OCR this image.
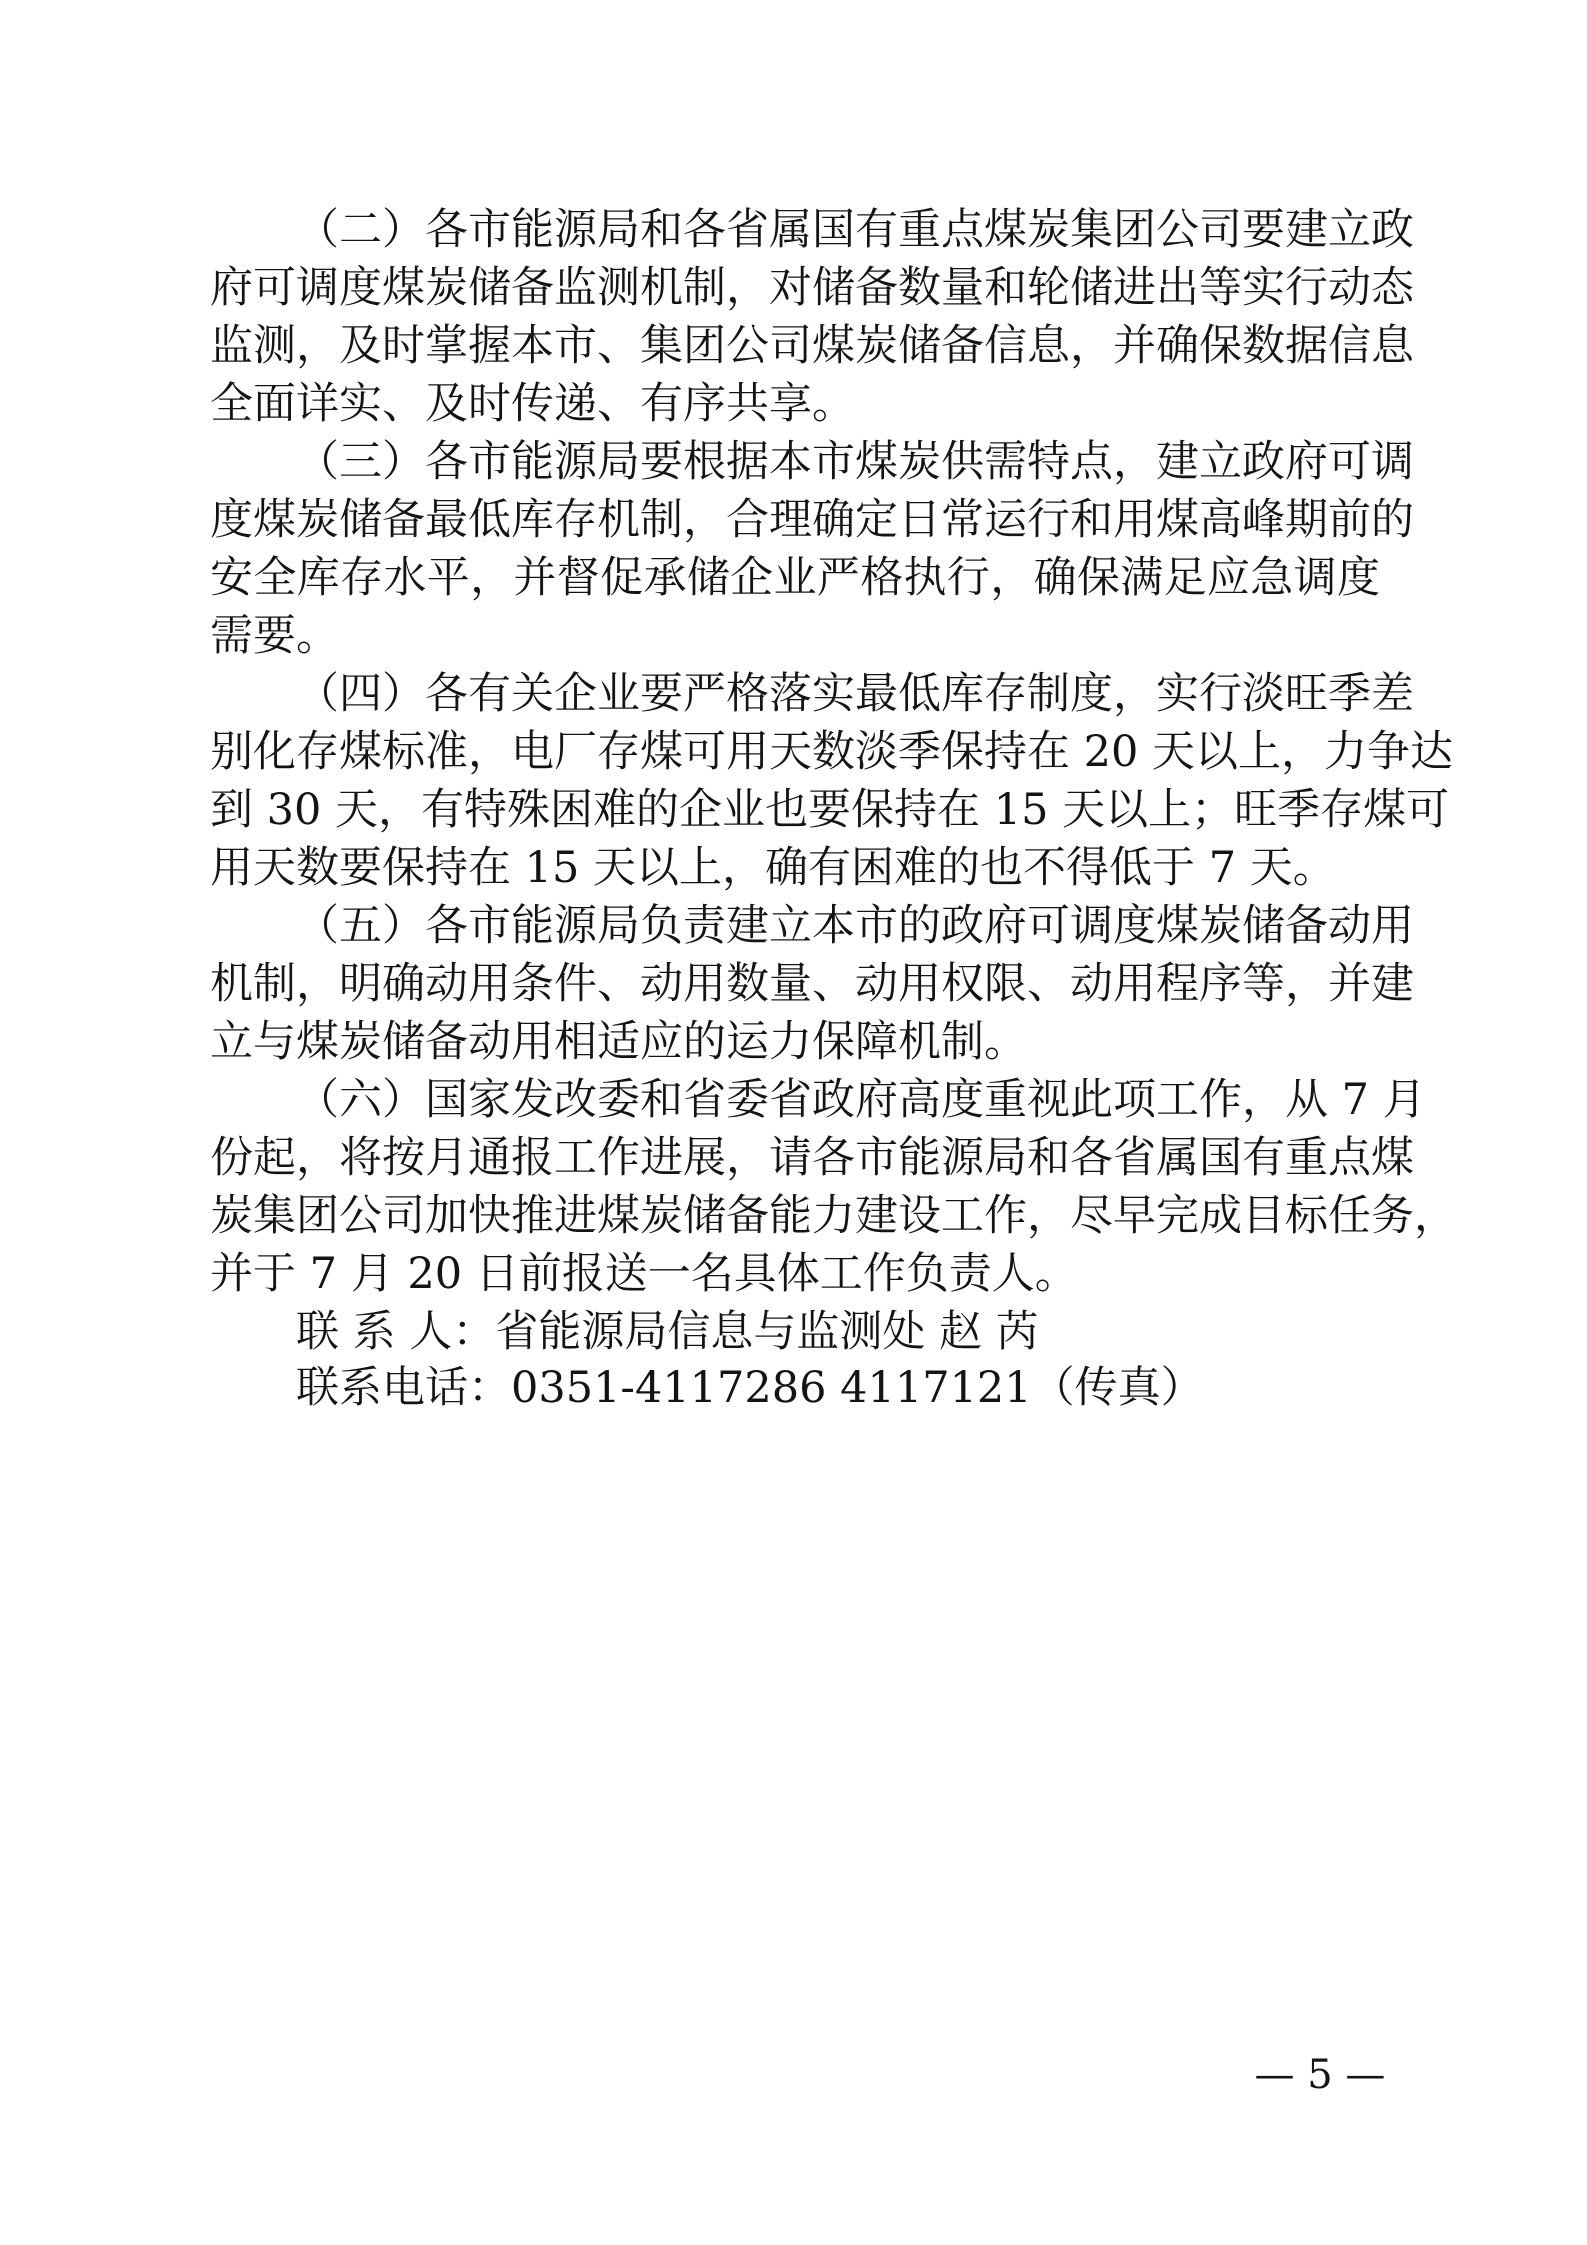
（二）各市能源局和各省属国有重点煤炭集团公司要建立政
府可调度煤炭储备监测机制，对储备数量和轮储进出等实行动态
监测，及时掌握本市、集团公司煤炭储备信息，并确保数据信息
全面详实、及时传递、有序共享。
（三）各市能源局要根据本市煤炭供需特点，建立政府可调
度煤炭储备最低库存机制，合理确定日常运行和用煤高峰期前的
安全库存水平，并督促承储企业严格执行，确保满足应急调度
需要。
（四）各有关企业要严格落实最低库存制度，实行淡旺季差
别化存煤标准，电厂存煤可用天数淡季保持在 20 天以上，力争达
到 30 天，有特殊困难的企业也要保持在 15 天以上；旺季存煤可
用天数要保持在 15 天以上，确有困难的也不得低于 7 天。
（五）各市能源局负责建立本市的政府可调度煤炭储备动用
机制，明确动用条件、动用数量、动用权限、动用程序等，并建
立与煤炭储备动用相适应的运力保障机制。
（六）国家发改委和省委省政府高度重视此项工作，从 7 月
份起，将按月通报工作进展，请各市能源局和各省属国有重点煤
炭集团公司加快推进煤炭储备能力建设工作，尽早完成目标任务，
并于 7 月 20 日前报送一名具体工作负责人。
联 系 人：省能源局信息与监测处 赵 芮
联系电话：0351-4117286 4117121（传真）
— 5 —
